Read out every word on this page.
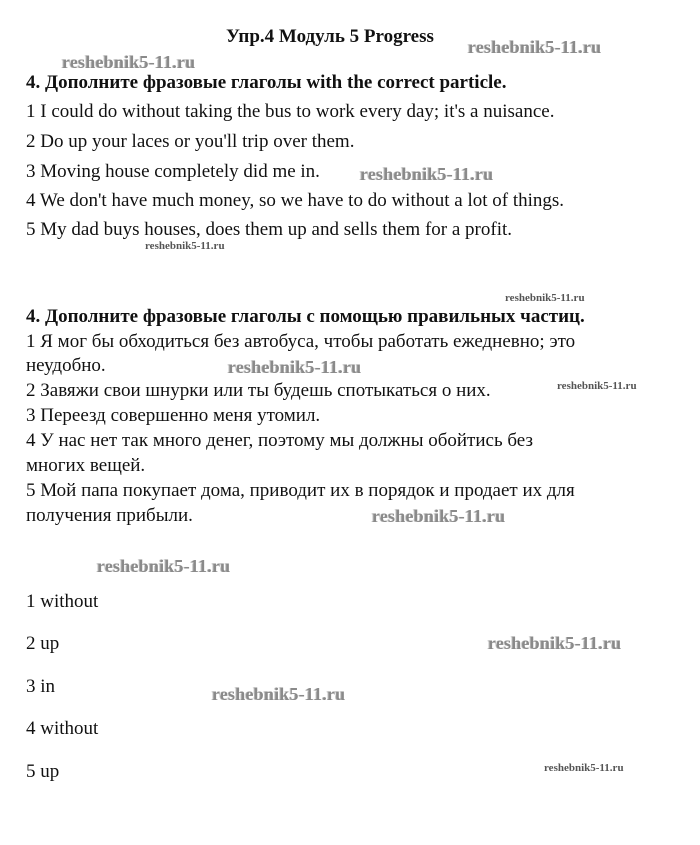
Упр.4 Модуль 5 Progress
4. Дополните фразовые глаголы with the correct particle.
1 I could do without taking the bus to work every day; it's a nuisance.
2 Do up your laces or you'll trip over them.
3 Moving house completely did me in.
4 We don't have much money, so we have to do without a lot of things.
5 My dad buys houses, does them up and sells them for a profit.
4. Дополните фразовые глаголы с помощью правильных частиц.
1 Я мог бы обходиться без автобуса, чтобы работать ежедневно; это
неудобно.
2 Завяжи свои шнурки или ты будешь спотыкаться о них.
3 Переезд совершенно меня утомил.
4 У нас нет так много денег, поэтому мы должны обойтись без
многих вещей.
5 Мой папа покупает дома, приводит их в порядок и продает их для
получения прибыли.
1 without
2 up
3 in
4 without
5 up
reshebnik5-11.ru
reshebnik5-11.ru
reshebnik5-11.ru
reshebnik5-11.ru
reshebnik5-11.ru
reshebnik5-11.ru
reshebnik5-11.ru
reshebnik5-11.ru
reshebnik5-11.ru
reshebnik5-11.ru
reshebnik5-11.ru
reshebnik5-11.ru
